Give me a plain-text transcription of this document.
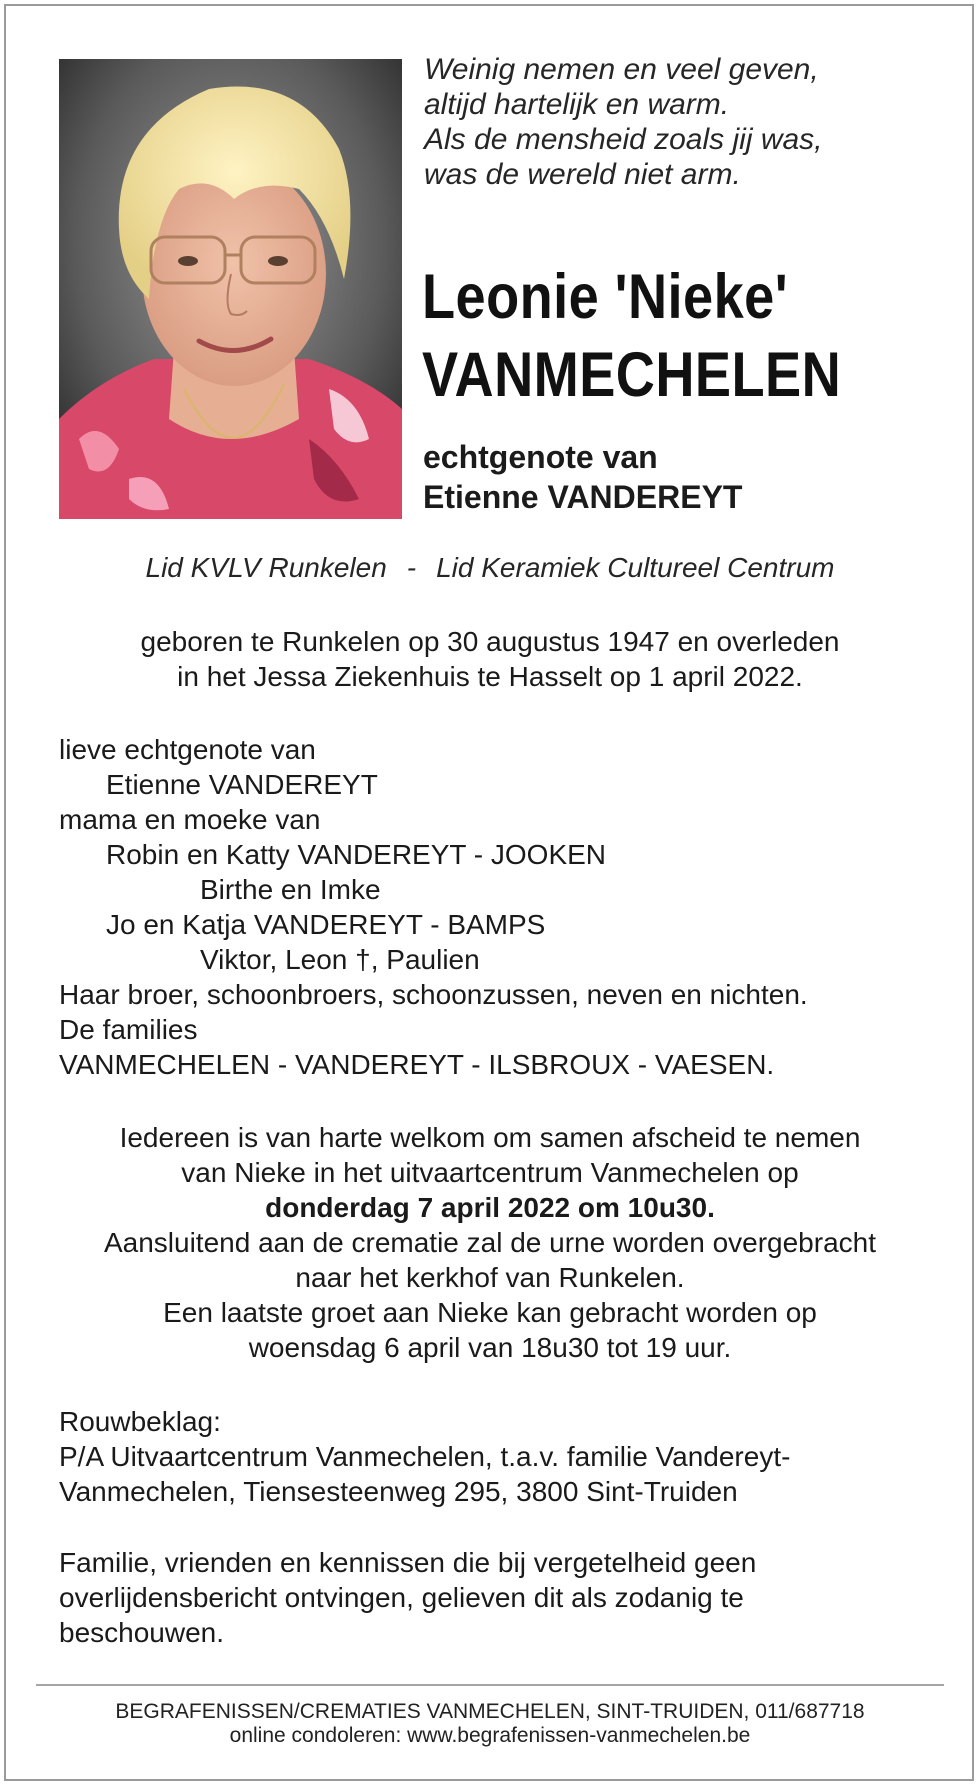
Weinig nemen en veel geven,
altijd hartelijk en warm.
Als de mensheid zoals jij was,
was de wereld niet arm.
Leonie 'Nieke'
VANMECHELEN
echtgenote van
Etienne VANDEREYT
Lid KVLV Runkelen - Lid Keramiek Cultureel Centrum
geboren te Runkelen op 30 augustus 1947 en overleden
in het Jessa Ziekenhuis te Hasselt op 1 april 2022.
lieve echtgenote van
Etienne VANDEREYT
mama en moeke van
Robin en Katty VANDEREYT - JOOKEN
Birthe en Imke
Jo en Katja VANDEREYT - BAMPS
Viktor, Leon †, Paulien
Haar broer, schoonbroers, schoonzussen, neven en nichten.
De families
VANMECHELEN - VANDEREYT - ILSBROUX - VAESEN.
Iedereen is van harte welkom om samen afscheid te nemen
van Nieke in het uitvaartcentrum Vanmechelen op
donderdag 7 april 2022 om 10u30.
Aansluitend aan de crematie zal de urne worden overgebracht
naar het kerkhof van Runkelen.
Een laatste groet aan Nieke kan gebracht worden op
woensdag 6 april van 18u30 tot 19 uur.
Rouwbeklag:
P/A Uitvaartcentrum Vanmechelen, t.a.v. familie Vandereyt-
Vanmechelen, Tiensesteenweg 295, 3800 Sint-Truiden
Familie, vrienden en kennissen die bij vergetelheid geen
overlijdensbericht ontvingen, gelieven dit als zodanig te
beschouwen.
BEGRAFENISSEN/CREMATIES VANMECHELEN, SINT-TRUIDEN, 011/687718
online condoleren: www.begrafenissen-vanmechelen.be
